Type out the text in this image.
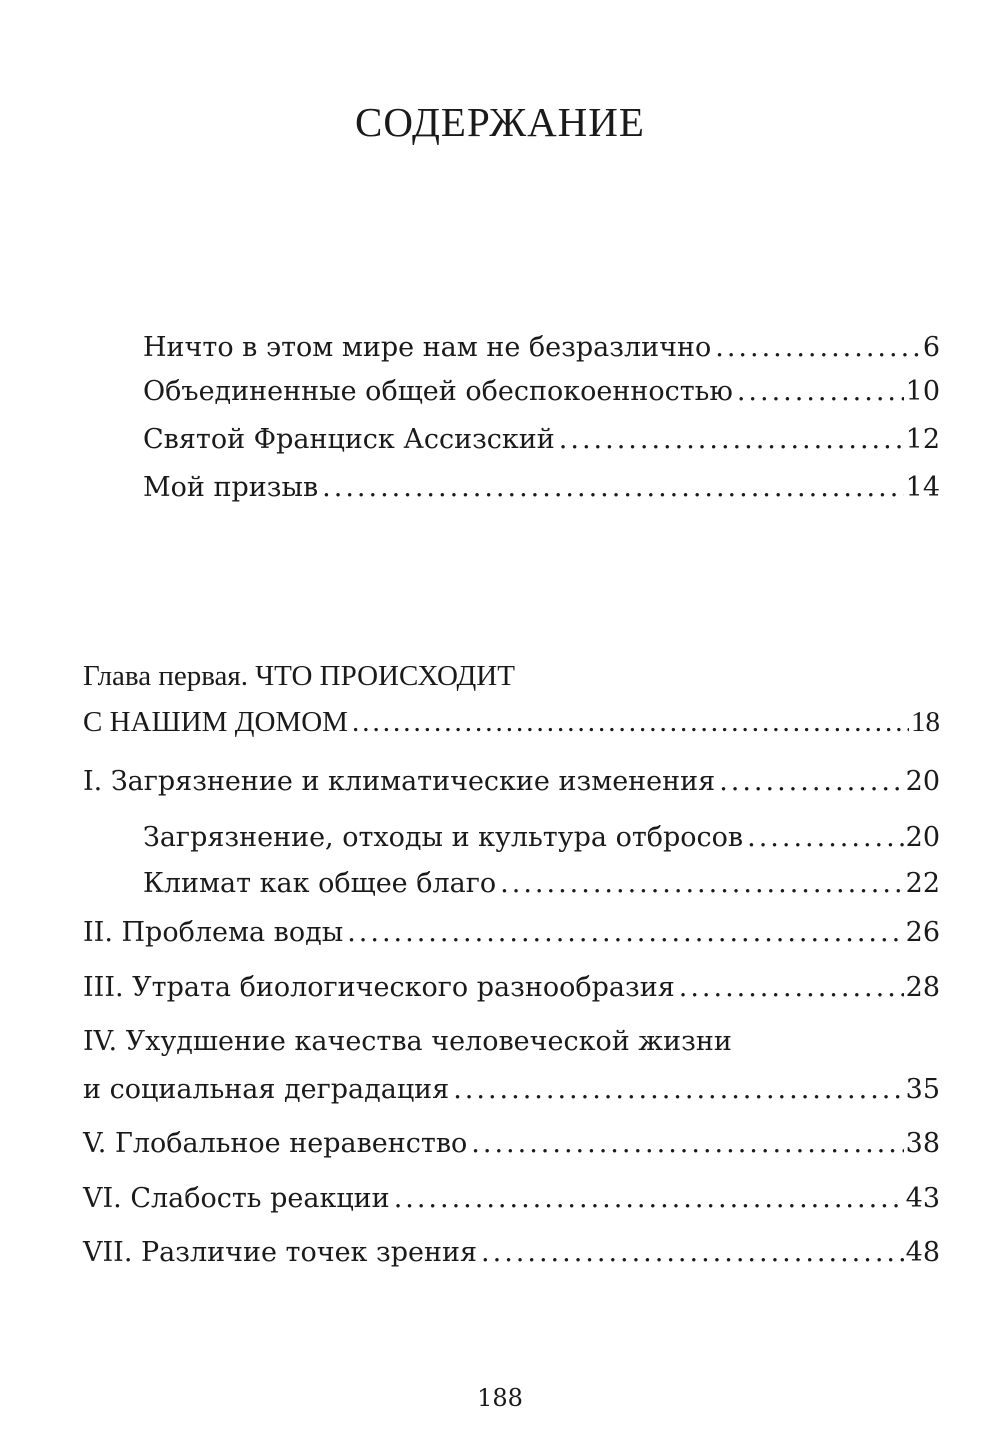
СОДЕРЖАНИЕ
Ничто в этом мире нам не безразлично .....	6
Объединенные общей обеспокоенностью .....	10
Святой Франциск Ассизский .....	12
Мой призыв .....	14
Глава первая. ЧТО ПРОИСХОДИТ
С НАШИМ ДОМОМ .....	18
I. Загрязнение и климатические изменения .....	20
Загрязнение, отходы и культура отбросов .....	20
Климат как общее благо .....	22
II. Проблема воды .....	26
III. Утрата биологического разнообразия .....	28
IV. Ухудшение качества человеческой жизни
и социальная деградация .....	35
V. Глобальное неравенство .....	38
VI. Слабость реакции .....	43
VII. Различие точек зрения .....	48
188
